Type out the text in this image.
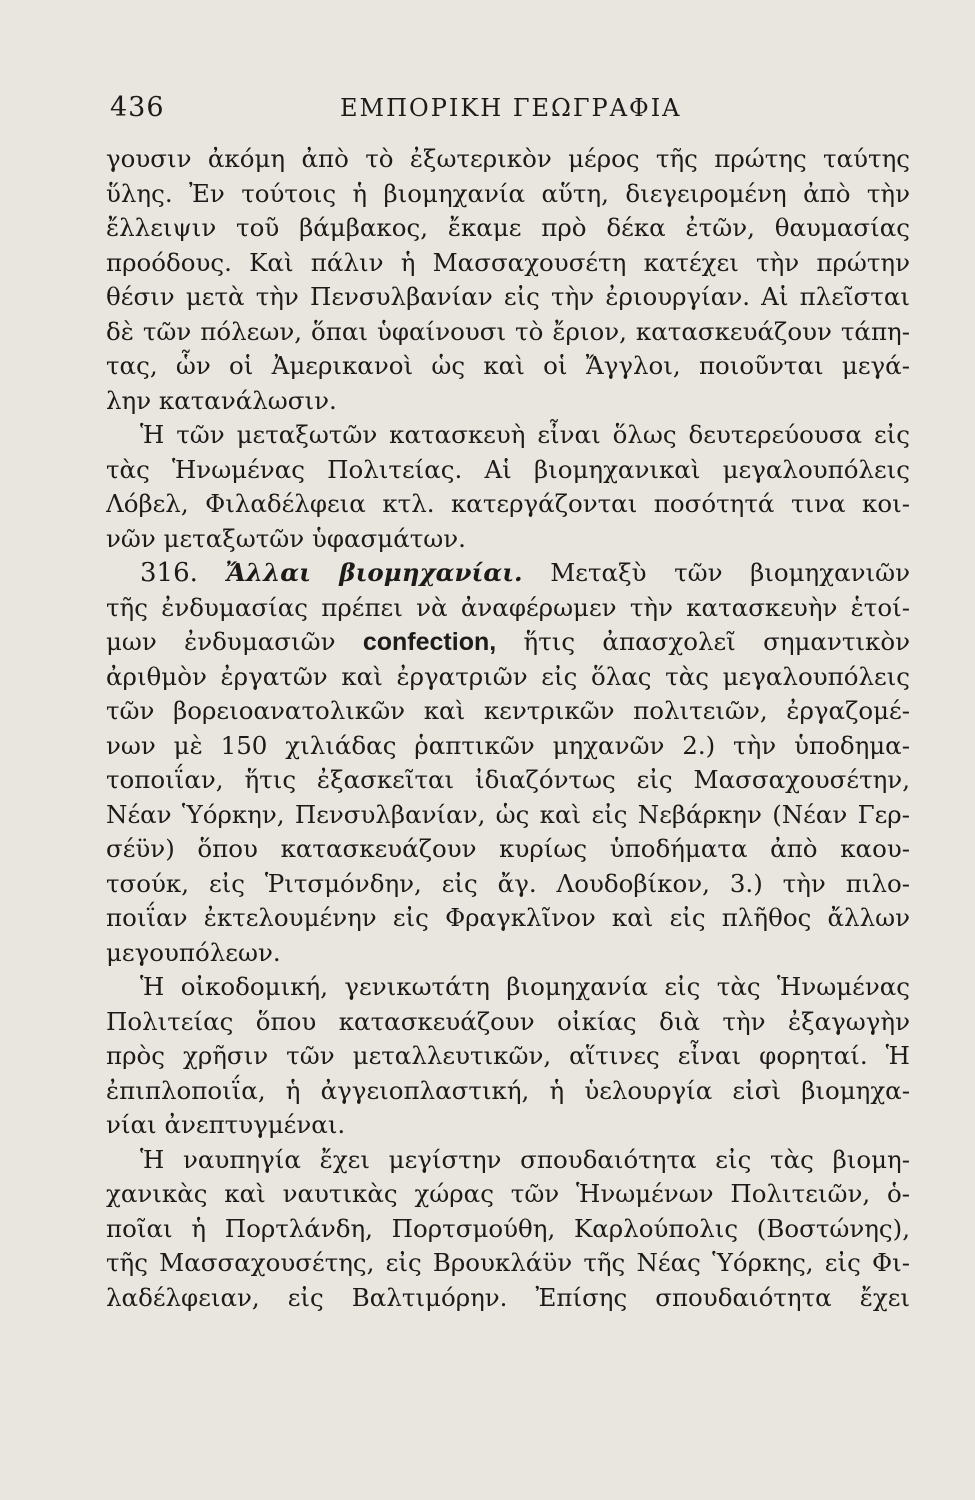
436	ΕΜΠΟΡΙΚΗ ΓΕΩΓΡΑΦΙΑ
γουσιν ἀκόμη ἀπὸ τὸ ἐξωτερικὸν μέρος τῆς πρώτης ταύτης
ὕλης. Ἐν τούτοις ἡ βιομηχανία αὕτη, διεγειρομένη ἀπὸ τὴν
ἔλλειψιν τοῦ βάμβακος, ἔκαμε πρὸ δέκα ἐτῶν, θαυμασίας
προόδους. Καὶ πάλιν ἡ Μασσαχουσέτη κατέχει τὴν πρώτην
θέσιν μετὰ τὴν Πενσυλβανίαν εἰς τὴν ἐριουργίαν. Αἱ πλεῖσται
δὲ τῶν πόλεων, ὅπαι ὑφαίνουσι τὸ ἔριον, κατασκευάζουν τάπη-
τας, ὧν οἱ Ἀμερικανοὶ ὡς καὶ οἱ Ἄγγλοι, ποιοῦνται μεγά-
λην κατανάλωσιν.
Ἡ τῶν μεταξωτῶν κατασκευὴ εἶναι ὅλως δευτερεύουσα εἰς
τὰς Ἡνωμένας Πολιτείας. Αἱ βιομηχανικαὶ μεγαλουπόλεις
Λόβελ, Φιλαδέλφεια κτλ. κατεργάζονται ποσότητά τινα κοι-
νῶν μεταξωτῶν ὑφασμάτων.
316. Ἄλλαι βιομηχανίαι. Μεταξὺ τῶν βιομηχανιῶν
τῆς ἐνδυμασίας πρέπει νὰ ἀναφέρωμεν τὴν κατασκευὴν ἑτοί-
μων ἐνδυμασιῶν confection, ἥτις ἀπασχολεῖ σημαντικὸν
ἀριθμὸν ἐργατῶν καὶ ἐργατριῶν εἰς ὅλας τὰς μεγαλουπόλεις
τῶν βορειοανατολικῶν καὶ κεντρικῶν πολιτειῶν, ἐργαζομέ-
νων μὲ 150 χιλιάδας ῥαπτικῶν μηχανῶν 2.) τὴν ὑποδημα-
τοποιΐαν, ἥτις ἐξασκεῖται ἰδιαζόντως εἰς Μασσαχουσέτην,
Νέαν Ὑόρκην, Πενσυλβανίαν, ὡς καὶ εἰς Νεβάρκην (Νέαν Γερ-
σέϋν) ὅπου κατασκευάζουν κυρίως ὑποδήματα ἀπὸ καου-
τσούκ, εἰς Ῥιτσμόνδην, εἰς ἄγ. Λουδοβίκον, 3.) τὴν πιλο-
ποιΐαν ἐκτελουμένην εἰς Φραγκλῖνον καὶ εἰς πλῆθος ἄλλων
μεγουπόλεων.
Ἡ οἰκοδομική, γενικωτάτη βιομηχανία εἰς τὰς Ἡνωμένας
Πολιτείας ὅπου κατασκευάζουν οἰκίας διὰ τὴν ἐξαγωγὴν
πρὸς χρῆσιν τῶν μεταλλευτικῶν, αἵτινες εἶναι φορηταί. Ἡ
ἐπιπλοποιΐα, ἡ ἀγγειοπλαστική, ἡ ὑελουργία εἰσὶ βιομηχα-
νίαι ἀνεπτυγμέναι.
Ἡ ναυπηγία ἔχει μεγίστην σπουδαιότητα εἰς τὰς βιομη-
χανικὰς καὶ ναυτικὰς χώρας τῶν Ἡνωμένων Πολιτειῶν, ὁ-
ποῖαι ἡ Πορτλάνδη, Πορτσμούθη, Καρλούπολις (Βοστώνης),
τῆς Μασσαχουσέτης, εἰς Βρουκλάϋν τῆς Νέας Ὑόρκης, εἰς Φι-
λαδέλφειαν, εἰς Βαλτιμόρην. Ἐπίσης σπουδαιότητα ἔχει
